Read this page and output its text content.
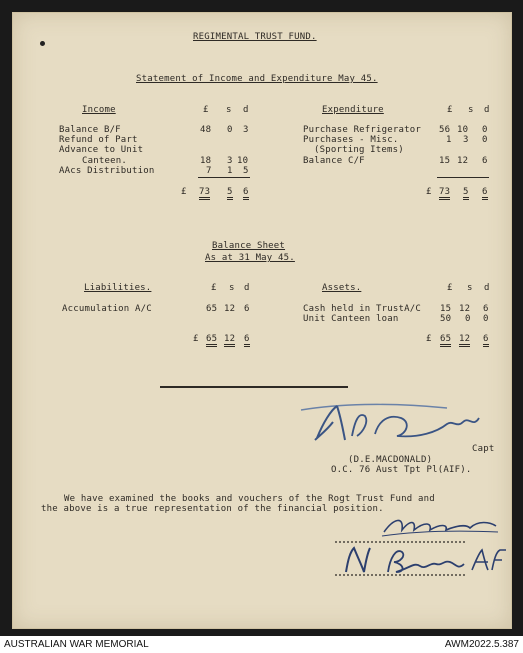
REGIMENTAL TRUST FUND.
Statement of Income and Expenditure May 45.
Income	£ s d
Balance B/F	48 0 3
Refund of Part
Advance to Unit
Canteen.	18 3 10
AAcs Distribution	7 1 5
£ 73 5 6
Expenditure	£ s d
Purchase Refrigerator 56 10 0
Purchases - Misc.	1 3 0
(Sporting Items)
Balance C/F	15 12 6
£ 73 5 6
Balance Sheet
As at 31 May 45.
Liabilities.	£ s d
Accumulation A/C	65 12 6
£ 65 12 6
Assets.	£ s d
Cash held in TrustA/C 15 12 6
Unit Canteen loan	50 0 0
£ 65 12 6
Capt
(D.E.MACDONALD)
O.C. 76 Aust Tpt Pl(AIF).
We have examined the books and vouchers of the Rogt Trust Fund and
the above is a true representation of the financial position.
AUSTRALIAN WAR MEMORIAL	AWM2022.5.387
